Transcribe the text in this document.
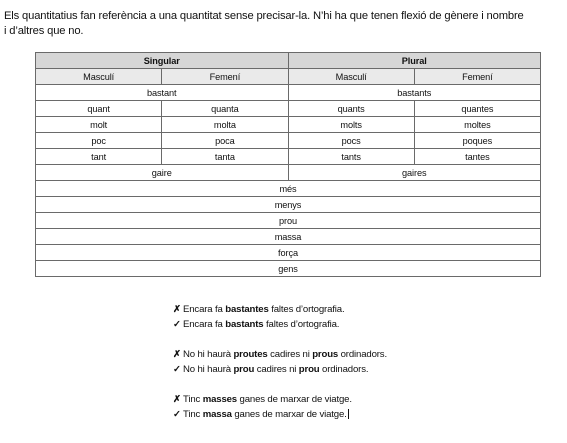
Els quantitatius fan referència a una quantitat sense precisar-la. N’hi ha que tenen flexió de gènere i nombre
i d’altres que no.
Singular		Plural	
Masculí	Femení	Masculí	Femení
bastant		bastants	
quant	quanta	quants	quantes
molt	molta	molts	moltes
poc	poca	pocs	poques
tant	tanta	tants	tantes
gaire		gaires	
més			
menys			
prou			
massa			
força			
gens			
✗ Encara fa bastantes faltes d’ortografia.
✓ Encara fa bastants faltes d’ortografia.
✗ No hi haurà proutes cadires ni prous ordinadors.
✓ No hi haurà prou cadires ni prou ordinadors.
✗ Tinc masses ganes de marxar de viatge.
✓ Tinc massa ganes de marxar de viatge.
